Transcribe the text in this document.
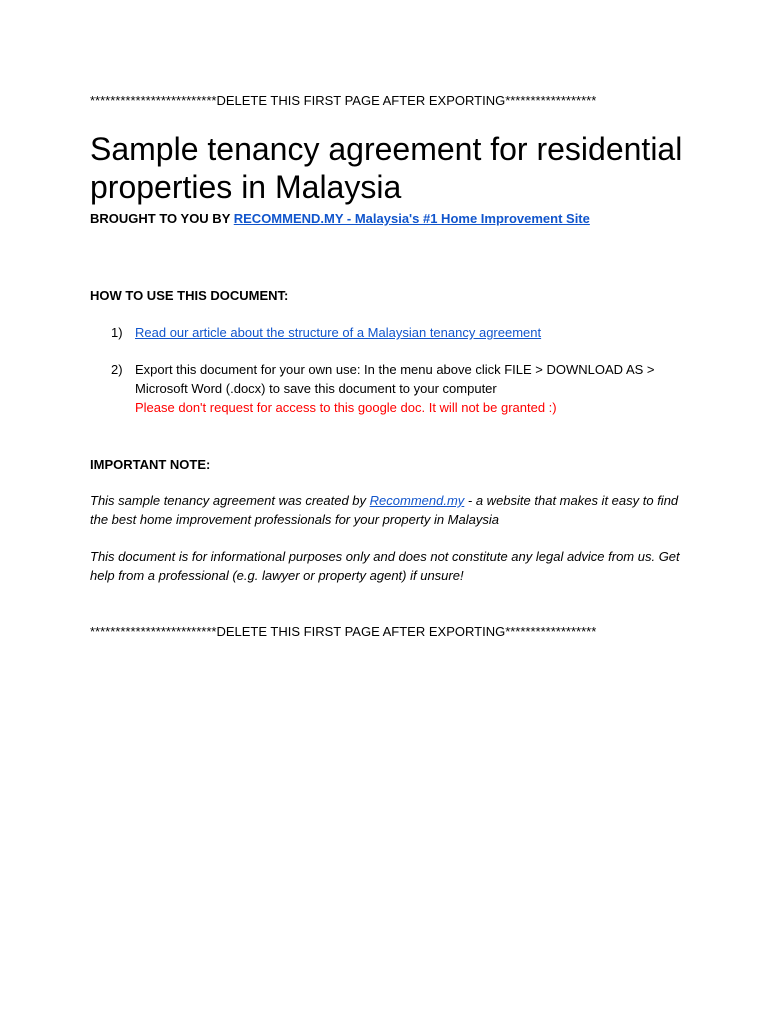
*************************DELETE THIS FIRST PAGE AFTER EXPORTING******************
Sample tenancy agreement for residential properties in Malaysia
BROUGHT TO YOU BY RECOMMEND.MY - Malaysia's #1 Home Improvement Site
HOW TO USE THIS DOCUMENT:
1) Read our article about the structure of a Malaysian tenancy agreement
2) Export this document for your own use: In the menu above click FILE > DOWNLOAD AS > Microsoft Word (.docx) to save this document to your computer
Please don't request for access to this google doc. It will not be granted :)
IMPORTANT NOTE:
This sample tenancy agreement was created by Recommend.my - a website that makes it easy to find the best home improvement professionals for your property in Malaysia
This document is for informational purposes only and does not constitute any legal advice from us. Get help from a professional (e.g. lawyer or property agent) if unsure!
*************************DELETE THIS FIRST PAGE AFTER EXPORTING******************
